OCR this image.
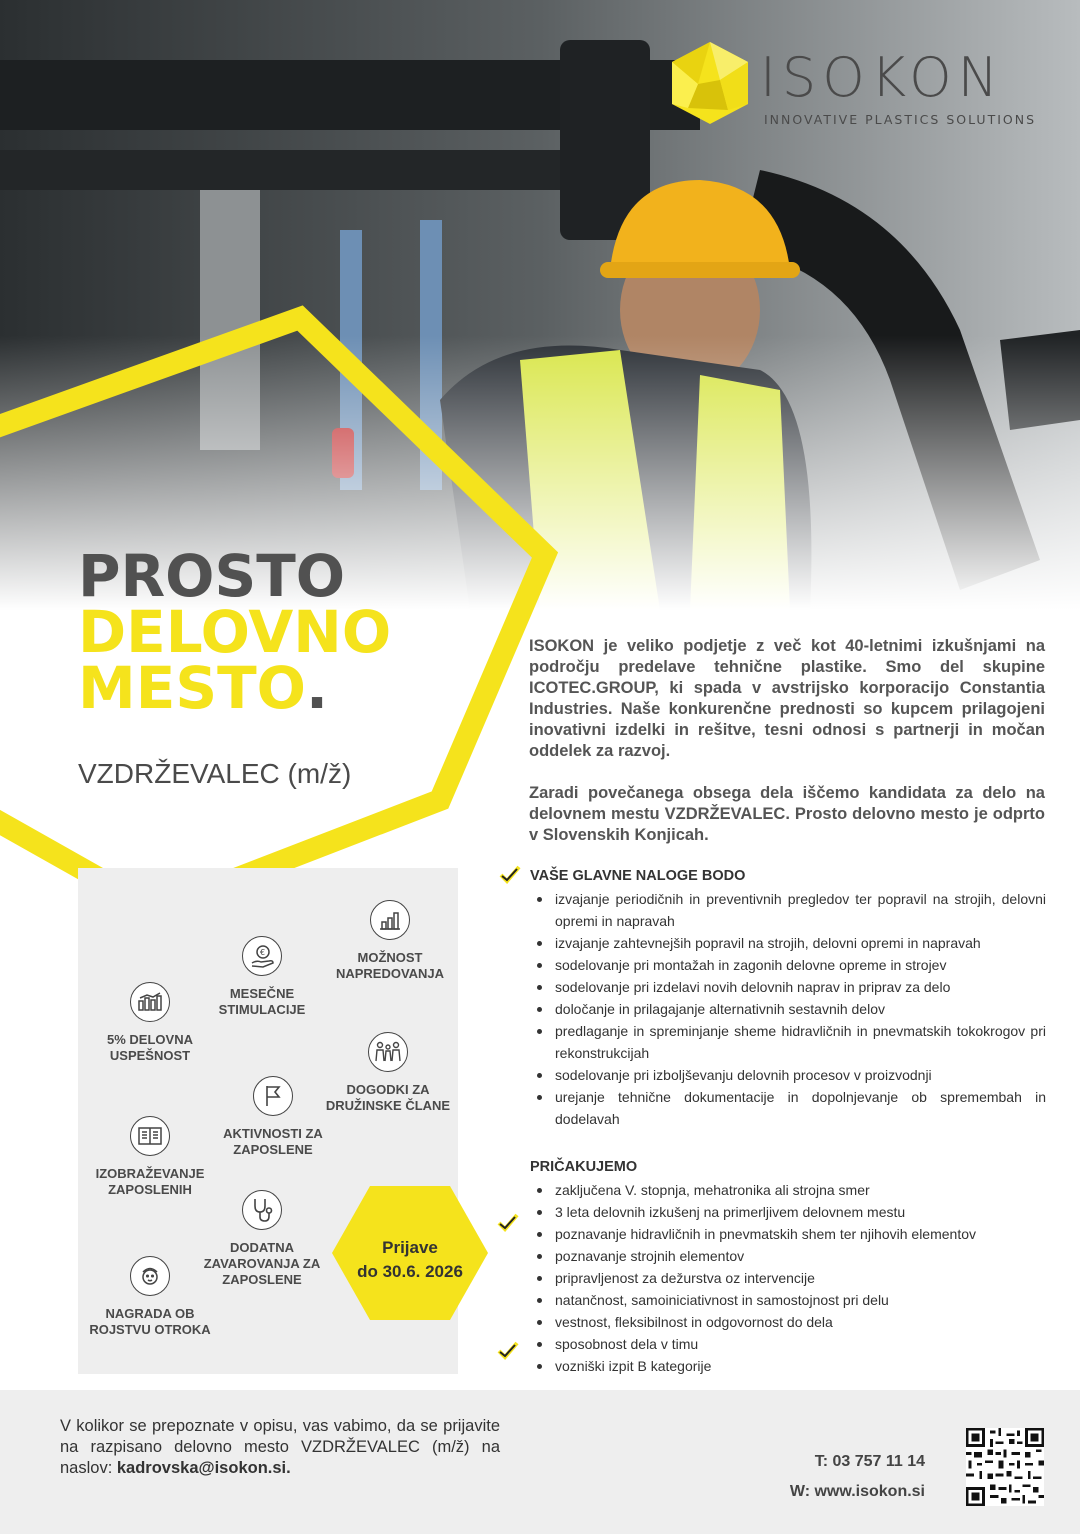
ISOKON
INNOVATIVE PLASTICS SOLUTIONS
PROSTO
DELOVNO
MESTO.
VZDRŽEVALEC (m/ž)
5% DELOVNA USPEŠNOST
€
MESEČNE STIMULACIJE
MOŽNOST NAPREDOVANJA
DOGODKI ZA DRUŽINSKE ČLANE
AKTIVNOSTI ZA ZAPOSLENE
IZOBRAŽEVANJE ZAPOSLENIH
DODATNA ZAVAROVANJA ZA ZAPOSLENE
NAGRADA OB ROJSTVU OTROKA
Prijave
do 30.6. 2026

ISOKON je veliko podjetje z več kot 40-letnimi izkušnjami na področju predelave tehnične plastike. Smo del skupine ICOTEC.GROUP, ki spada v avstrijsko korporacijo Constantia Industries. Naše konkurenčne prednosti so kupcem prilagojeni inovativni izdelki in rešitve, tesni odnosi s partnerji in močan oddelek za razvoj.

Zaradi povečanega obsega dela iščemo kandidata za delo na delovnem mestu VZDRŽEVALEC. Prosto delovno mesto je odprto v Slovenskih Konjicah.

VAŠE GLAVNE NALOGE BODO
izvajanje periodičnih in preventivnih pregledov ter popravil na strojih, delovni opremi in napravah
izvajanje zahtevnejših popravil na strojih, delovni opremi in napravah
sodelovanje pri montažah in zagonih delovne opreme in strojev
sodelovanje pri izdelavi novih delovnih naprav in priprav za delo
določanje in prilagajanje alternativnih sestavnih delov
predlaganje in spreminjanje sheme hidravličnih in pnevmatskih tokokrogov pri rekonstrukcijah
sodelovanje pri izboljševanju delovnih procesov v proizvodnji
urejanje tehnične dokumentacije in dopolnjevanje ob spremembah in dodelavah
PRIČAKUJEMO
zaključena V. stopnja, mehatronika ali strojna smer
3 leta delovnih izkušenj na primerljivem delovnem mestu
poznavanje hidravličnih in pnevmatskih shem ter njihovih elementov
poznavanje strojnih elementov
pripravljenost za dežurstva oz intervencije
natančnost, samoiniciativnost in samostojnost pri delu
vestnost, fleksibilnost in odgovornost do dela
sposobnost dela v timu
vozniški izpit B kategorije
V kolikor se prepoznate v opisu, vas vabimo, da se prijavite na razpisano delovno mesto VZDRŽEVALEC (m/ž) na naslov: kadrovska@isokon.si.	T: 03 757 11 14
W: www.isokon.si
